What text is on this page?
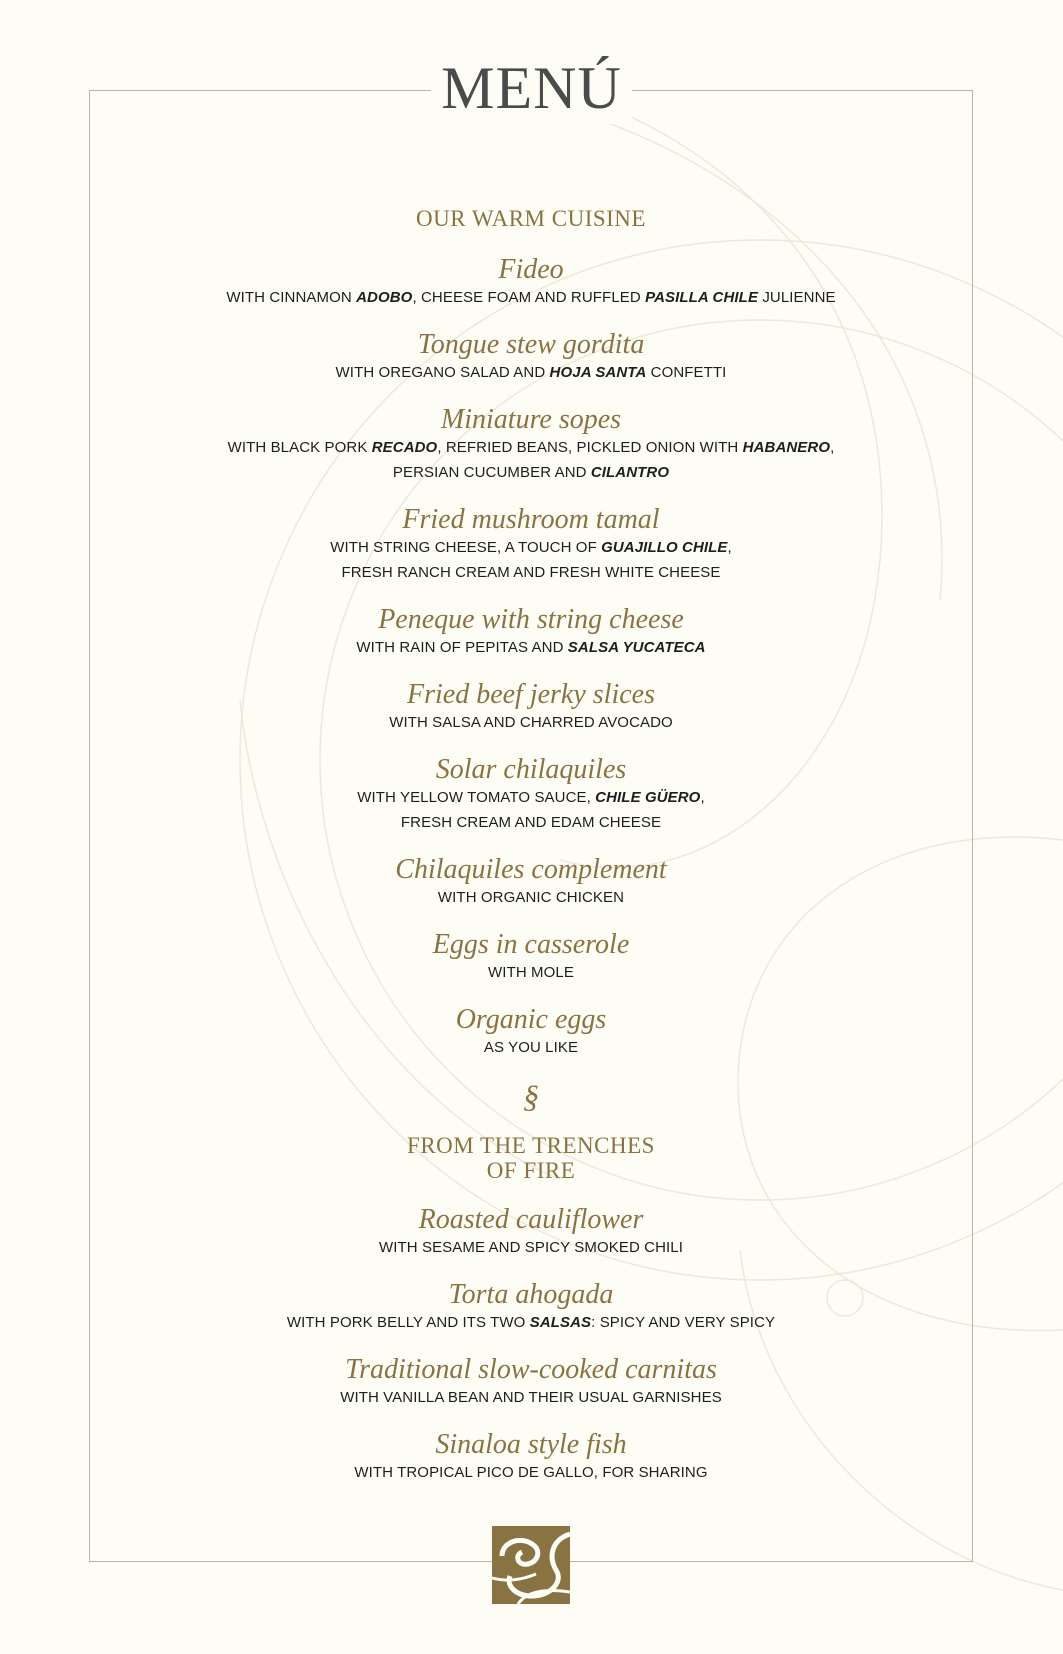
MENÚ
OUR WARM CUISINE

Fideo

WITH CINNAMON ADOBO, CHEESE FOAM AND RUFFLED PASILLA CHILE JULIENNE

Tongue stew gordita

WITH OREGANO SALAD AND HOJA SANTA CONFETTI

Miniature sopes

WITH BLACK PORK RECADO, REFRIED BEANS, PICKLED ONION WITH HABANERO,

PERSIAN CUCUMBER AND CILANTRO

Fried mushroom tamal

WITH STRING CHEESE, A TOUCH OF GUAJILLO CHILE,

FRESH RANCH CREAM AND FRESH WHITE CHEESE

Peneque with string cheese

WITH RAIN OF PEPITAS AND SALSA YUCATECA

Fried beef jerky slices

WITH SALSA AND CHARRED AVOCADO

Solar chilaquiles

WITH YELLOW TOMATO SAUCE, CHILE GÜERO,

FRESH CREAM AND EDAM CHEESE

Chilaquiles complement

WITH ORGANIC CHICKEN

Eggs in casserole

WITH MOLE

Organic eggs

AS YOU LIKE

§
FROM THE TRENCHES
OF FIRE

Roasted cauliflower

WITH SESAME AND SPICY SMOKED CHILI

Torta ahogada

WITH PORK BELLY AND ITS TWO SALSAS: SPICY AND VERY SPICY

Traditional slow-cooked carnitas

WITH VANILLA BEAN AND THEIR USUAL GARNISHES

Sinaloa style fish

WITH TROPICAL PICO DE GALLO, FOR SHARING
